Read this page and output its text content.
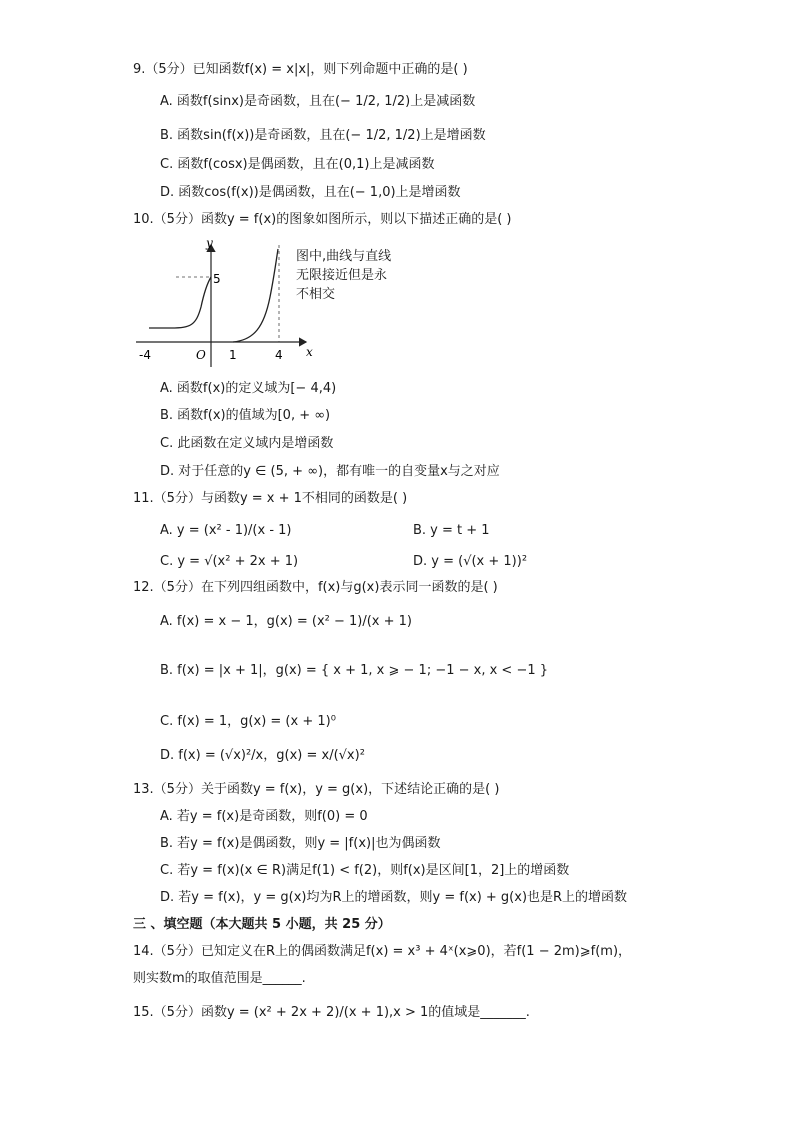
9.（5分）已知函数f(x) = x|x|，则下列命题中正确的是( )
A. 函数f(sinx)是奇函数，且在(− 1/2, 1/2)上是减函数
B. 函数sin(f(x))是奇函数，且在(− 1/2, 1/2)上是增函数
C. 函数f(cosx)是偶函数，且在(0,1)上是减函数
D. 函数cos(f(x))是偶函数，且在(− 1,0)上是增函数
10.（5分）函数y = f(x)的图象如图所示，则以下描述正确的是( )
y
5
O
-4	1	4 x
图中,曲线与直线
无限接近但是永
不相交
A. 函数f(x)的定义域为[− 4,4)
B. 函数f(x)的值域为[0, + ∞)
C. 此函数在定义域内是增函数
D. 对于任意的y ∈ (5, + ∞)，都有唯一的自变量x与之对应
11.（5分）与函数y = x + 1不相同的函数是( )
A. y = (x² - 1)/(x - 1)	B. y = t + 1
C. y = √(x² + 2x + 1)	D. y = (√(x + 1))²
12.（5分）在下列四组函数中，f(x)与g(x)表示同一函数的是( )
A. f(x) = x − 1，g(x) = (x² − 1)/(x + 1)
B. f(x) = |x + 1|，g(x) = { x + 1, x ⩾ − 1; −1 − x, x < −1 }
C. f(x) = 1，g(x) = (x + 1)⁰
D. f(x) = (√x)²/x，g(x) = x/(√x)²
13.（5分）关于函数y = f(x)，y = g(x)，下述结论正确的是( )
A. 若y = f(x)是奇函数，则f(0) = 0
B. 若y = f(x)是偶函数，则y = |f(x)|也为偶函数
C. 若y = f(x)(x ∈ R)满足f(1) < f(2)，则f(x)是区间[1，2]上的增函数
D. 若y = f(x)，y = g(x)均为R上的增函数，则y = f(x) + g(x)也是R上的增函数
三 、填空题（本大题共 5 小题，共 25 分）
14.（5分）已知定义在R上的偶函数满足f(x) = x³ + 4ˣ(x⩾0)，若f(1 − 2m)⩾f(m)，
则实数m的取值范围是______.
15.（5分）函数y = (x² + 2x + 2)/(x + 1),x > 1的值域是_______.
